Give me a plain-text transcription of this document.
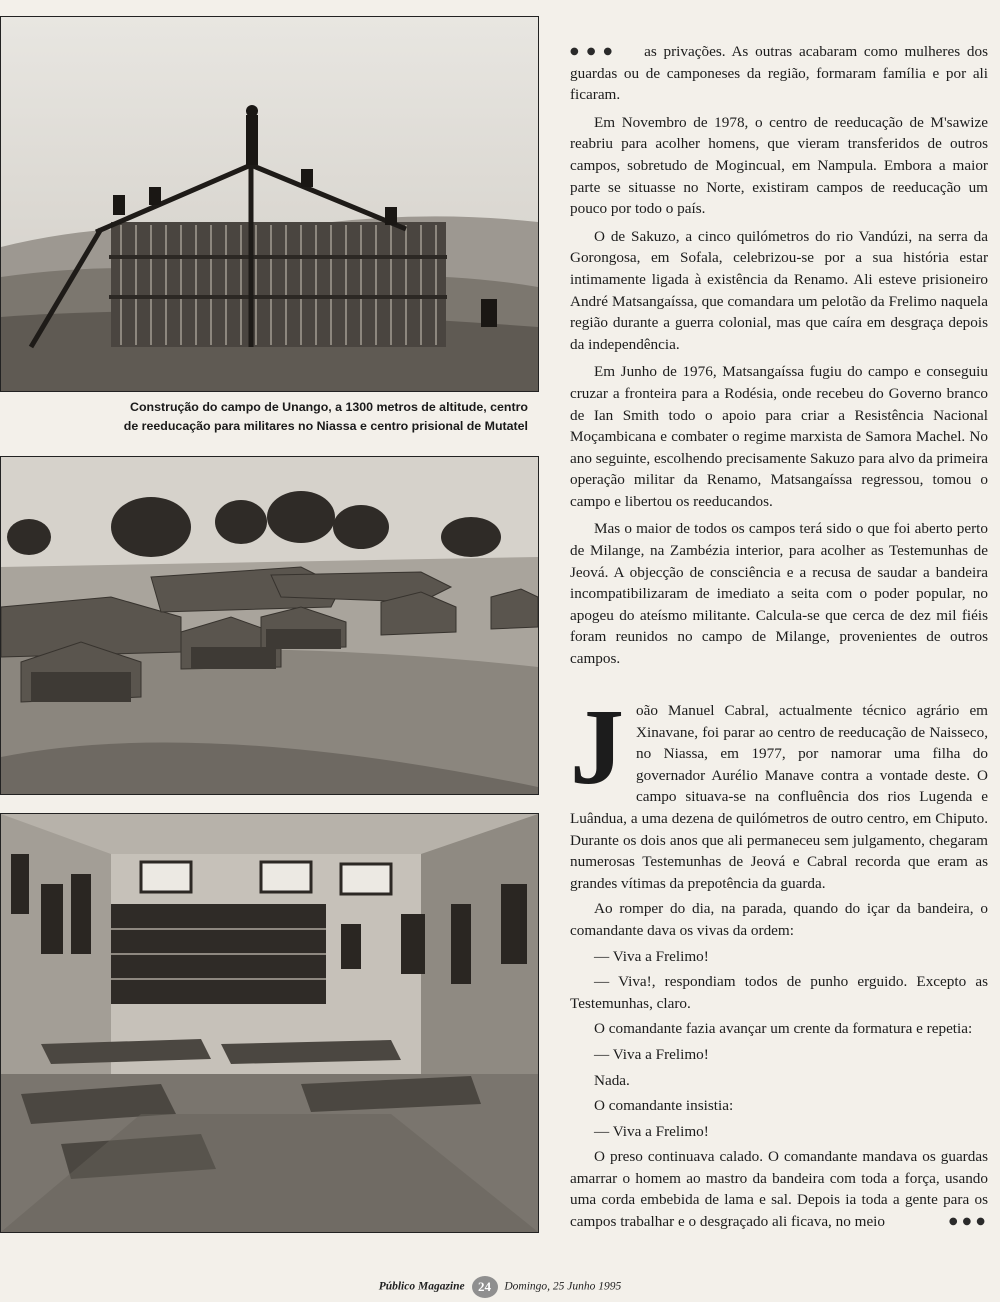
Construção do campo de Unango, a 1300 metros de altitude, centro de reeducação para militares no Niassa e centro prisional de Mutatel

●●● as privações. As outras acabaram como mulheres dos guardas ou de camponeses da região, formaram família e por ali ficaram.

Em Novembro de 1978, o centro de reeducação de M'sawize reabriu para acolher homens, que vieram transferidos de outros campos, sobretudo de Mogincual, em Nampula. Embora a maior parte se situasse no Norte, existiram campos de reeducação um pouco por todo o país.

O de Sakuzo, a cinco quilómetros do rio Vandúzi, na serra da Gorongosa, em Sofala, celebrizou-se por a sua história estar intimamente ligada à existência da Renamo. Ali esteve prisioneiro André Matsangaíssa, que comandara um pelotão da Frelimo naquela região durante a guerra colonial, mas que caíra em desgraça depois da independência.

Em Junho de 1976, Matsangaíssa fugiu do campo e conseguiu cruzar a fronteira para a Rodésia, onde recebeu do Governo branco de Ian Smith todo o apoio para criar a Resistência Nacional Moçambicana e combater o regime marxista de Samora Machel. No ano seguinte, escolhendo precisamente Sakuzo para alvo da primeira operação militar da Renamo, Matsangaíssa regressou, tomou o campo e libertou os reeducandos.

Mas o maior de todos os campos terá sido o que foi aberto perto de Milange, na Zambézia interior, para acolher as Testemunhas de Jeová. A objecção de consciência e a recusa de saudar a bandeira incompatibilizaram de imediato a seita com o poder popular, no apogeu do ateísmo militante. Calcula-se que cerca de dez mil fiéis foram reunidos no campo de Milange, provenientes de outros campos.

João Manuel Cabral, actualmente técnico agrário em Xinavane, foi parar ao centro de reeducação de Naisseco, no Niassa, em 1977, por namorar uma filha do governador Aurélio Manave contra a vontade deste. O campo situava-se na confluência dos rios Lugenda e Luândua, a uma dezena de quilómetros de outro centro, em Chiputo. Durante os dois anos que ali permaneceu sem julgamento, chegaram numerosas Testemunhas de Jeová e Cabral recorda que eram as grandes vítimas da prepotência da guarda.

Ao romper do dia, na parada, quando do içar da bandeira, o comandante dava os vivas da ordem:

— Viva a Frelimo!

— Viva!, respondiam todos de punho erguido. Excepto as Testemunhas, claro.

O comandante fazia avançar um crente da formatura e repetia:

— Viva a Frelimo!

Nada.

O comandante insistia:

— Viva a Frelimo!

O preso continuava calado. O comandante mandava os guardas amarrar o homem ao mastro da bandeira com toda a força, usando uma corda embebida de lama e sal. Depois ia toda a gente para os campos trabalhar e o desgraçado ali ficava, no meio	●●●

Público Magazine 24 Domingo, 25 Junho 1995
